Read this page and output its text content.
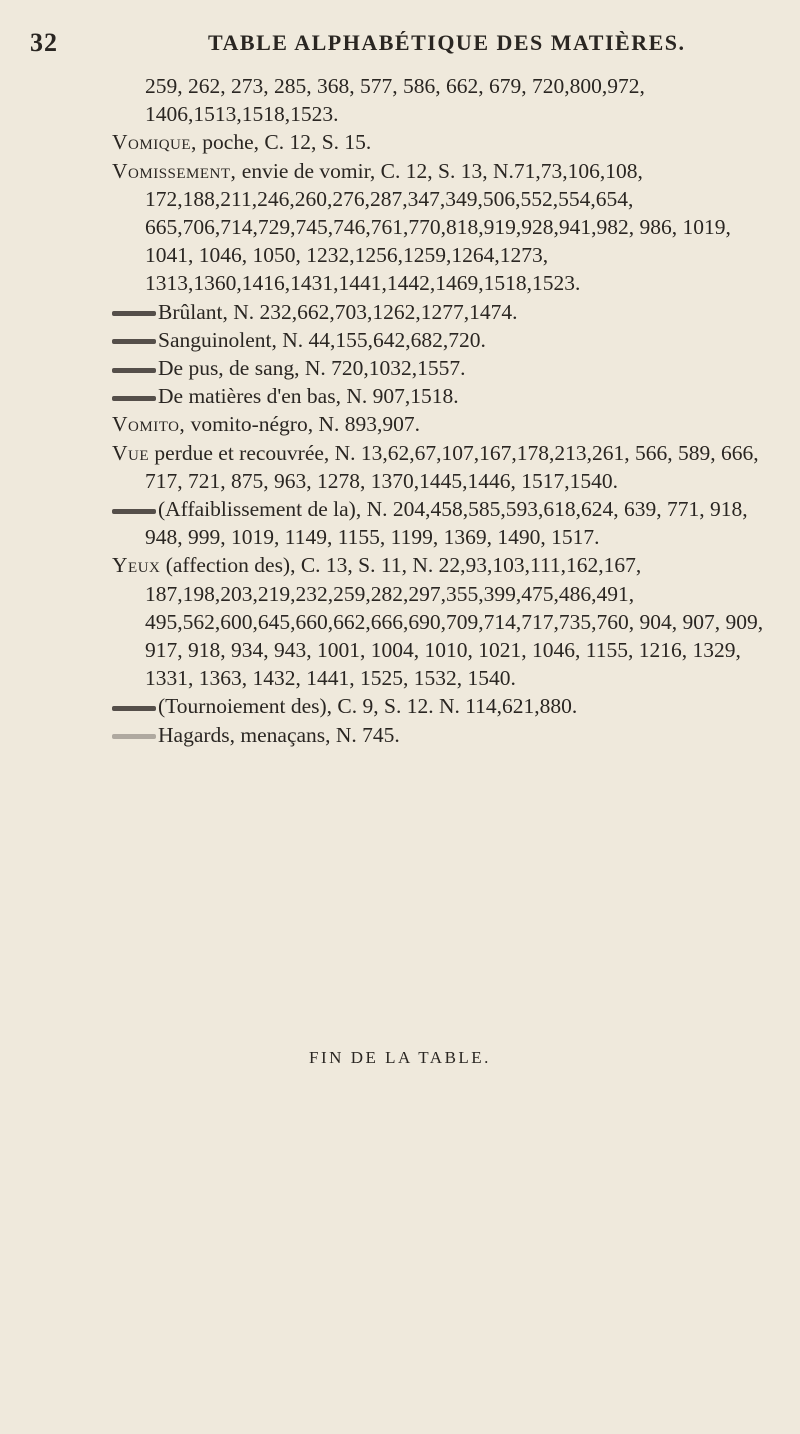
32	TABLE ALPHABÉTIQUE DES MATIÈRES.

259, 262, 273, 285, 368, 577, 586, 662, 679, 720,800,972, 1406,1513,1518,1523.

Vomique, poche, C. 12, S. 15.

Vomissement, envie de vomir, C. 12, S. 13, N.71,73,106,108, 172,188,211,246,260,276,287,347,349,506,552,554,654, 665,706,714,729,745,746,761,770,818,919,928,941,982, 986, 1019, 1041, 1046, 1050, 1232,1256,1259,1264,1273, 1313,1360,1416,1431,1441,1442,1469,1518,1523.

Brûlant, N. 232,662,703,1262,1277,1474.

Sanguinolent, N. 44,155,642,682,720.

De pus, de sang, N. 720,1032,1557.

De matières d'en bas, N. 907,1518.

Vomito, vomito-négro, N. 893,907.

Vue perdue et recouvrée, N. 13,62,67,107,167,178,213,261, 566, 589, 666, 717, 721, 875, 963, 1278, 1370,1445,1446, 1517,1540.

(Affaiblissement de la), N. 204,458,585,593,618,624, 639, 771, 918, 948, 999, 1019, 1149, 1155, 1199, 1369, 1490, 1517.

Yeux (affection des), C. 13, S. 11, N. 22,93,103,111,162,167, 187,198,203,219,232,259,282,297,355,399,475,486,491, 495,562,600,645,660,662,666,690,709,714,717,735,760, 904, 907, 909, 917, 918, 934, 943, 1001, 1004, 1010, 1021, 1046, 1155, 1216, 1329, 1331, 1363, 1432, 1441, 1525, 1532, 1540.

(Tournoiement des), C. 9, S. 12. N. 114,621,880.

Hagards, menaçans, N. 745.

FIN DE LA TABLE.
